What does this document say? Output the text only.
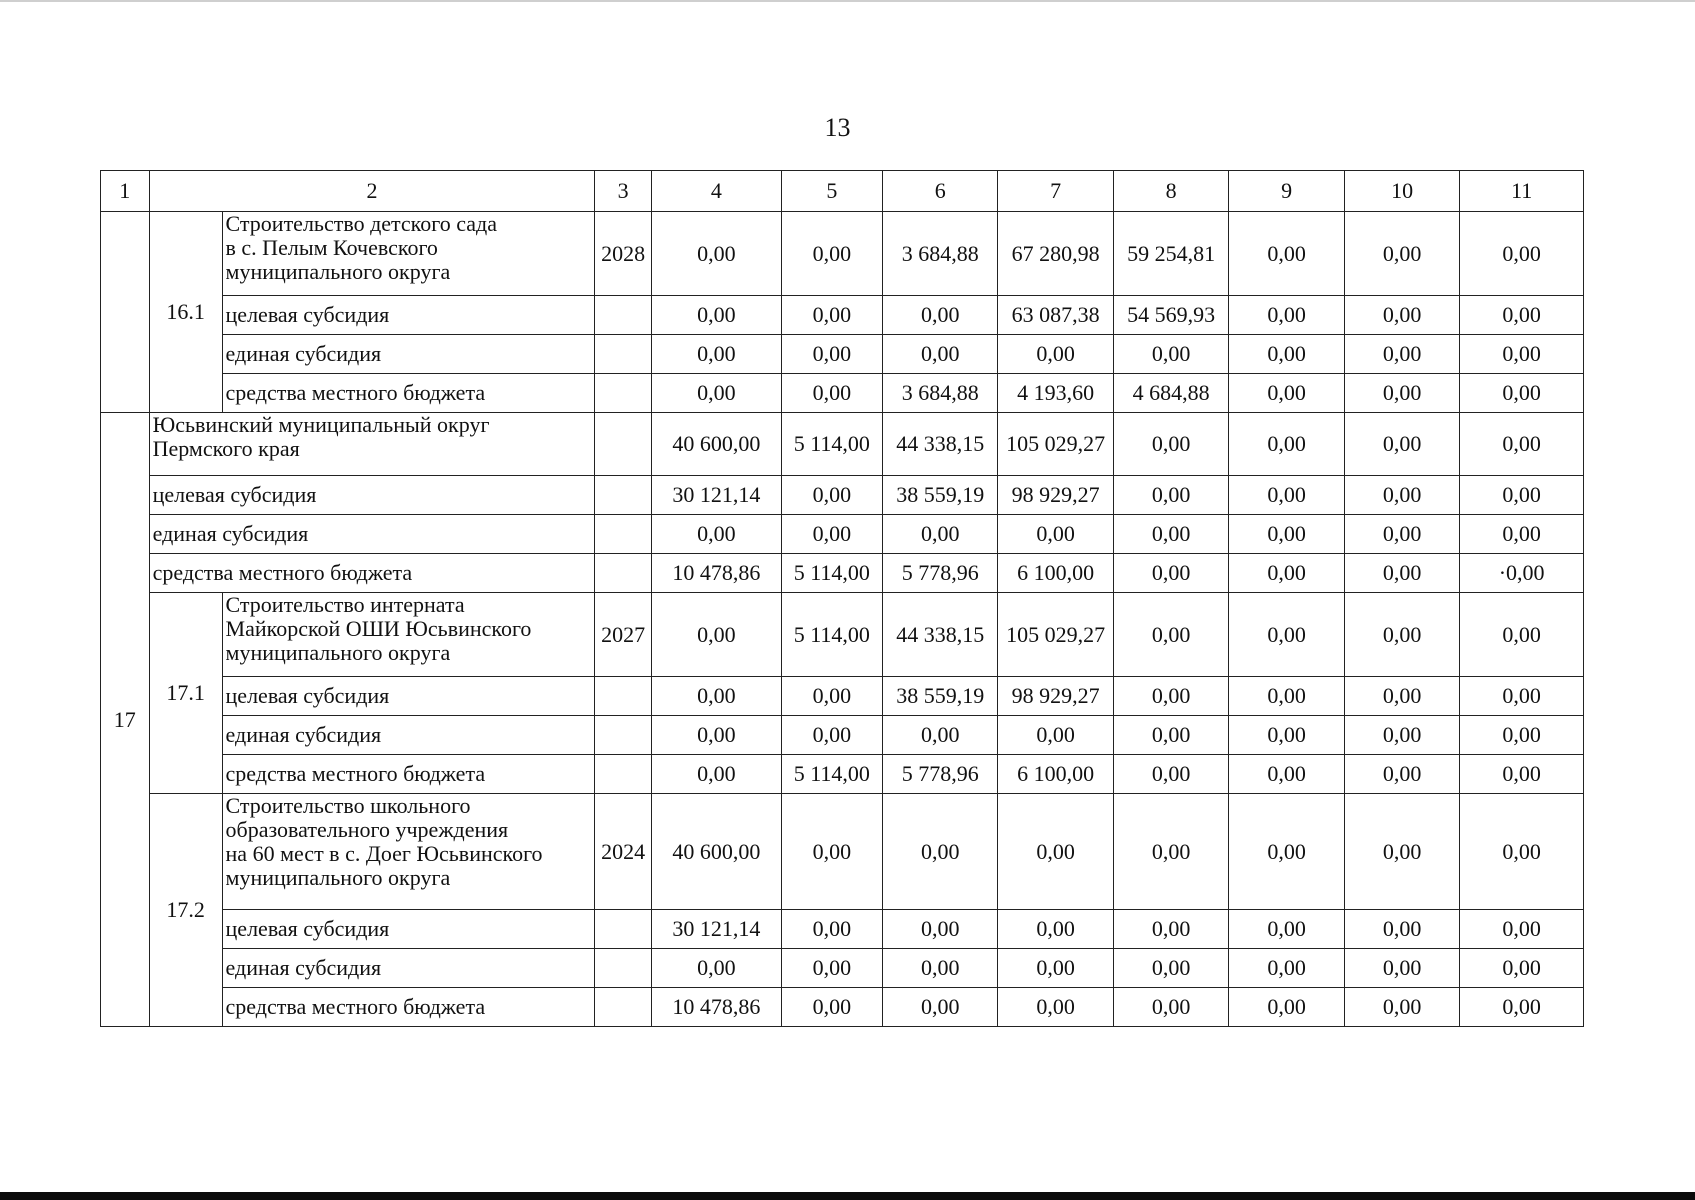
13
1	2		3	4	5	6	7	8	9	10	11
	16.1	Строительство детского сада
в с. Пелым Кочевского
муниципального округа	2028	0,00	0,00	3 684,88	67 280,98	59 254,81	0,00	0,00	0,00
		целевая субсидия		0,00	0,00	0,00	63 087,38	54 569,93	0,00	0,00	0,00
		единая субсидия		0,00	0,00	0,00	0,00	0,00	0,00	0,00	0,00
		средства местного бюджета		0,00	0,00	3 684,88	4 193,60	4 684,88	0,00	0,00	0,00
17	Юсьвинский муниципальный округ
Пермского края			40 600,00	5 114,00	44 338,15	105 029,27	0,00	0,00	0,00	0,00
	целевая субсидия			30 121,14	0,00	38 559,19	98 929,27	0,00	0,00	0,00	0,00
	единая субсидия			0,00	0,00	0,00	0,00	0,00	0,00	0,00	0,00
	средства местного бюджета			10 478,86	5 114,00	5 778,96	6 100,00	0,00	0,00	0,00	·0,00
	17.1	Строительство интерната
Майкорской ОШИ Юсьвинского
муниципального округа	2027	0,00	5 114,00	44 338,15	105 029,27	0,00	0,00	0,00	0,00
		целевая субсидия		0,00	0,00	38 559,19	98 929,27	0,00	0,00	0,00	0,00
		единая субсидия		0,00	0,00	0,00	0,00	0,00	0,00	0,00	0,00
		средства местного бюджета		0,00	5 114,00	5 778,96	6 100,00	0,00	0,00	0,00	0,00
	17.2	Строительство школьного
образовательного учреждения
на 60 мест в с. Доег Юсьвинского
муниципального округа	2024	40 600,00	0,00	0,00	0,00	0,00	0,00	0,00	0,00
		целевая субсидия		30 121,14	0,00	0,00	0,00	0,00	0,00	0,00	0,00
		единая субсидия		0,00	0,00	0,00	0,00	0,00	0,00	0,00	0,00
		средства местного бюджета		10 478,86	0,00	0,00	0,00	0,00	0,00	0,00	0,00
